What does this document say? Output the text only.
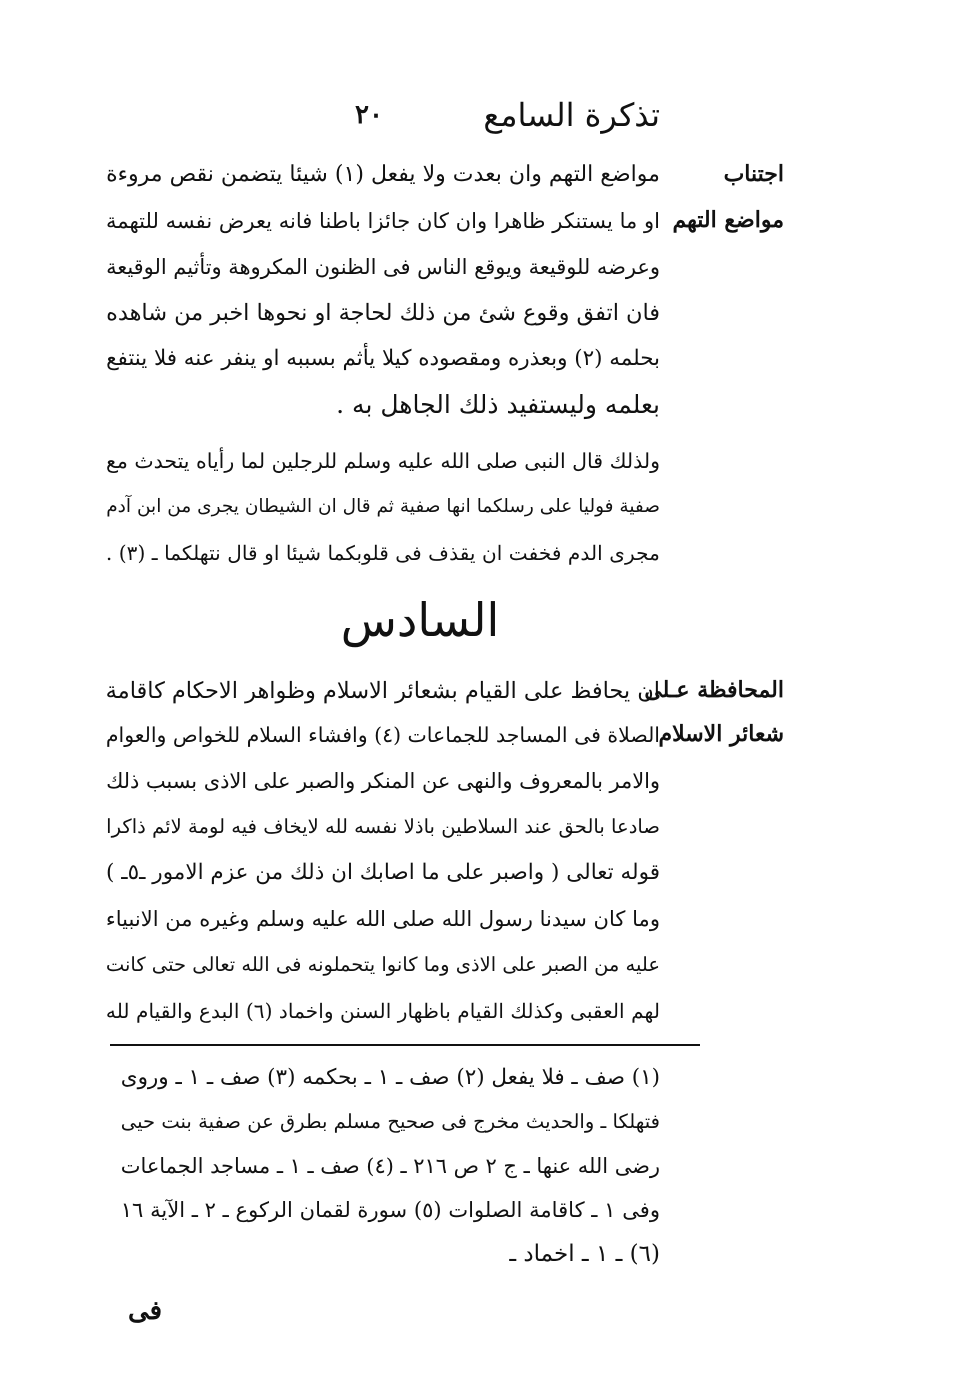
تذكرة السامع
٢٠
اجتناب
مواضع التهم
المحافظة عـلى
شعائر الاسلام
مواضع التهم وان بعدت ولا يفعل (١) شيئا يتضمن نقص مروءة
او ما يستنكر ظاهرا وان كان جائزا باطنا فانه يعرض نفسه للتهمة
وعرضه للوقيعة ويوقع الناس فى الظنون المكروهة وتأثيم الوقيعة
فان اتفق وقوع شئ من ذلك لحاجة او نحوها اخبر من شاهده
بحلمه (٢) وبعذره ومقصوده كيلا يأثم بسببه او ينفر عنه فلا ينتفع
بعلمه وليستفيد ذلك الجاهل به .
ولذلك قال النبى صلى الله عليه وسلم للرجلين لما رأياه يتحدث مع
صفية فوليا على رسلكما انها صفية ثم قال ان الشيطان يجرى من ابن آدم
مجرى الدم فخفت ان يقذف فى قلوبكما شيئا او قال نتهلكما ـ (٣) .
السادس
ان يحافظ على القيام بشعائر الاسلام وظواهر الاحكام كاقامة
الصلاة فى المساجد للجماعات (٤) وافشاء السلام للخواص والعوام
والامر بالمعروف والنهى عن المنكر والصبر على الاذى بسبب ذلك
صادعا بالحق عند السلاطين باذلا نفسه لله لايخاف فيه لومة لائم ذاكرا
قوله تعالى ( واصبر على ما اصابك ان ذلك من عزم الامور ـ٥ـ )
وما كان سيدنا رسول الله صلى الله عليه وسلم وغيره من الانبياء
عليه من الصبر على الاذى وما كانوا يتحملونه فى الله تعالى حتى كانت
لهم العقبى وكذلك القيام باظهار السنن واخماد (٦) البدع والقيام لله
(١) صف ـ فلا يفعل (٢) صف ـ ١ ـ بحكمه (٣) صف ـ ١ ـ وروى
فتهلكا ـ والحديث مخرج فى صحيح مسلم بطرق عن صفية بنت حيى
رضى الله عنها ـ ج ٢ ص ٢١٦ ـ (٤) صف ـ ١ ـ مساجد الجماعات
وفى ١ ـ كاقامة الصلوات (٥) سورة لقمان الركوع ـ ٢ ـ الآية ١٦
(٦) ـ ١ ـ اخماد ـ
فى
